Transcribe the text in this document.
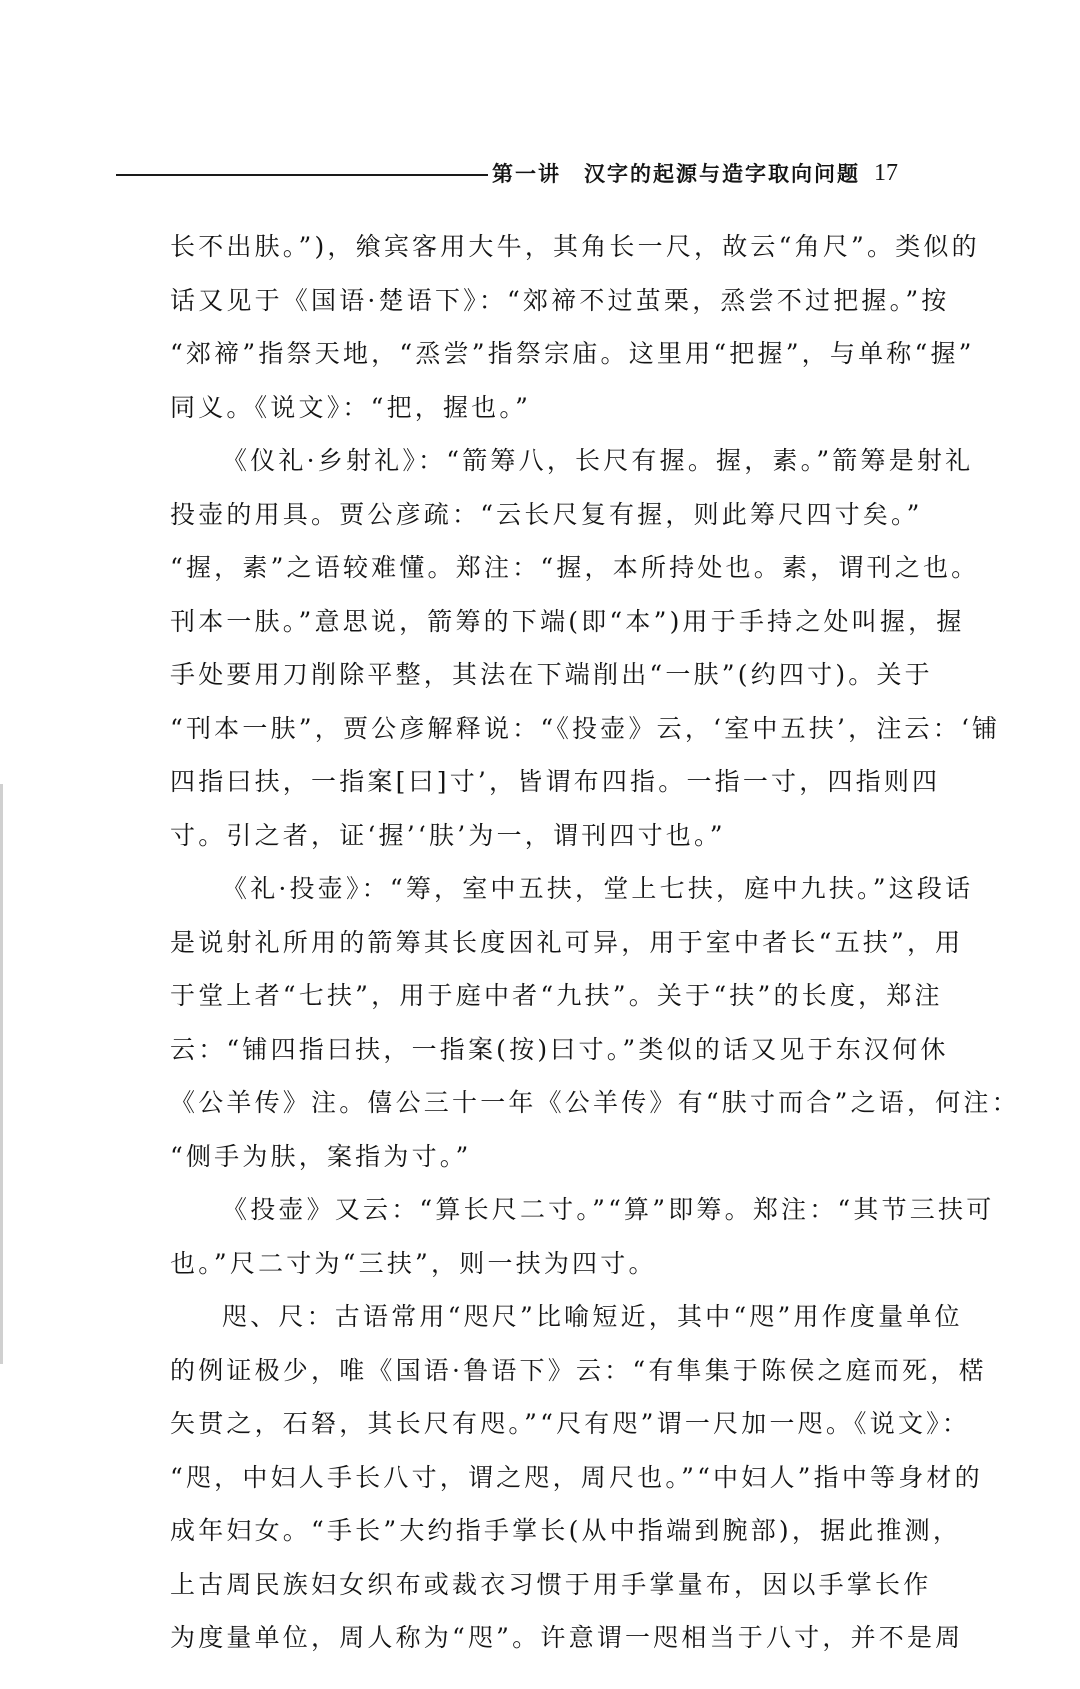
第一讲　汉字的起源与造字取向问题 17
长不出肤。”)，飨宾客用大牛，其角长一尺，故云“角尺”。类似的
话又见于《国语·楚语下》：“郊禘不过茧栗，烝尝不过把握。”按
“郊禘”指祭天地，“烝尝”指祭宗庙。这里用“把握”，与单称“握”
同义。《说文》：“把，握也。”
《仪礼·乡射礼》：“箭筹八，长尺有握。握，素。”箭筹是射礼
投壶的用具。贾公彦疏：“云长尺复有握，则此筹尺四寸矣。”
“握，素”之语较难懂。郑注：“握，本所持处也。素，谓刊之也。
刊本一肤。”意思说，箭筹的下端(即“本”)用于手持之处叫握，握
手处要用刀削除平整，其法在下端削出“一肤”(约四寸)。关于
“刊本一肤”，贾公彦解释说：“《投壶》云，‘室中五扶’，注云：‘铺
四指曰扶，一指案[曰]寸’，皆谓布四指。一指一寸，四指则四
寸。引之者，证‘握’‘肤’为一，谓刊四寸也。”
《礼·投壶》：“筹，室中五扶，堂上七扶，庭中九扶。”这段话
是说射礼所用的箭筹其长度因礼可异，用于室中者长“五扶”，用
于堂上者“七扶”，用于庭中者“九扶”。关于“扶”的长度，郑注
云：“铺四指曰扶，一指案(按)曰寸。”类似的话又见于东汉何休
《公羊传》注。僖公三十一年《公羊传》有“肤寸而合”之语，何注：
“侧手为肤，案指为寸。”
《投壶》又云：“算长尺二寸。”“算”即筹。郑注：“其节三扶可
也。”尺二寸为“三扶”，则一扶为四寸。
咫、尺：古语常用“咫尺”比喻短近，其中“咫”用作度量单位
的例证极少，唯《国语·鲁语下》云：“有隼集于陈侯之庭而死，楛
矢贯之，石砮，其长尺有咫。”“尺有咫”谓一尺加一咫。《说文》：
“咫，中妇人手长八寸，谓之咫，周尺也。”“中妇人”指中等身材的
成年妇女。“手长”大约指手掌长(从中指端到腕部)，据此推测，
上古周民族妇女织布或裁衣习惯于用手掌量布，因以手掌长作
为度量单位，周人称为“咫”。许意谓一咫相当于八寸，并不是周
